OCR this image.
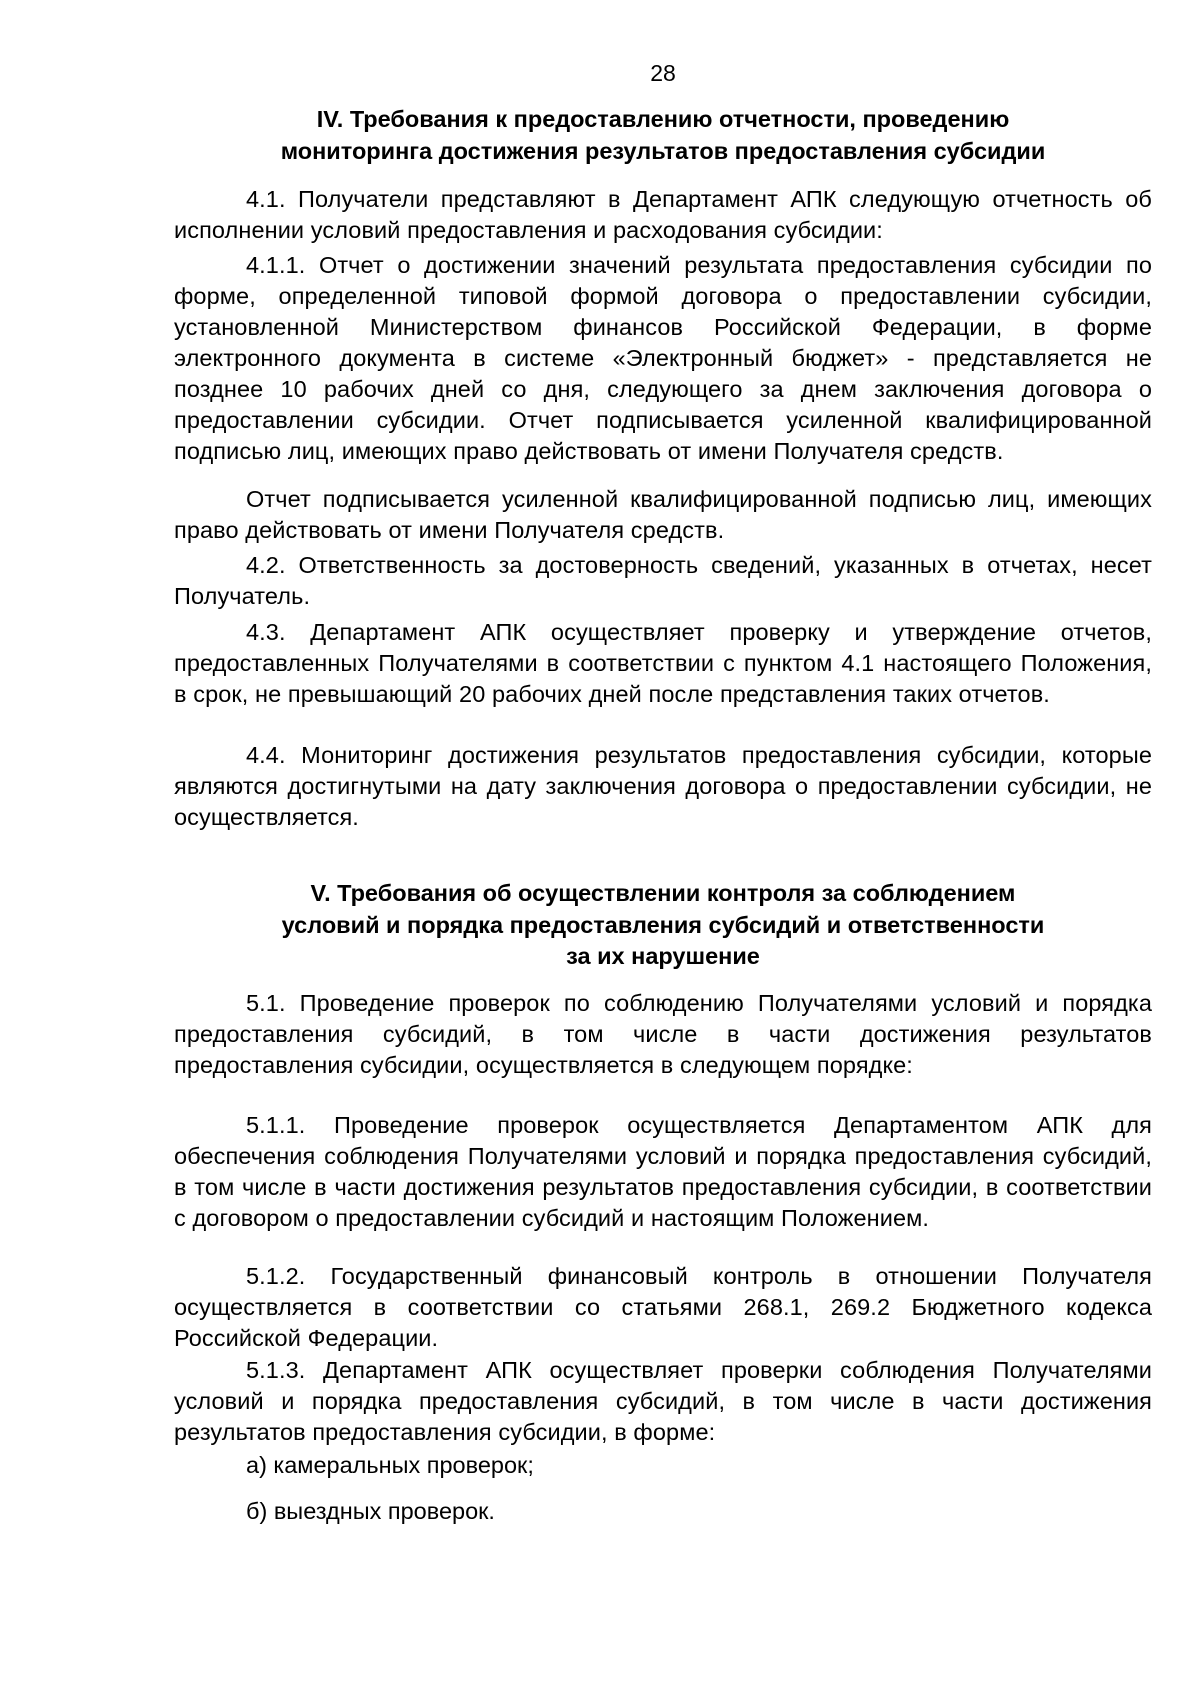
28
IV. Требования к предоставлению отчетности, проведению
мониторинга достижения результатов предоставления субсидии

4.1. Получатели представляют в Департамент АПК следующую отчетность об исполнении условий предоставления и расходования субсидии:

4.1.1. Отчет о достижении значений результата предоставления субсидии по форме, определенной типовой формой договора о предоставлении субсидии, установленной Министерством финансов Российской Федерации, в форме электронного документа в системе «Электронный бюджет» - представляется не позднее 10 рабочих дней со дня, следующего за днем заключения договора о предоставлении субсидии. Отчет подписывается усиленной квалифицированной подписью лиц, имеющих право действовать от имени Получателя средств.

Отчет подписывается усиленной квалифицированной подписью лиц, имеющих право действовать от имени Получателя средств.

4.2. Ответственность за достоверность сведений, указанных в отчетах, несет Получатель.

4.3. Департамент АПК осуществляет проверку и утверждение отчетов, предоставленных Получателями в соответствии с пунктом 4.1 настоящего Положения, в срок, не превышающий 20 рабочих дней после представления таких отчетов.

4.4. Мониторинг достижения результатов предоставления субсидии, которые являются достигнутыми на дату заключения договора о предоставлении субсидии, не осуществляется.

V. Требования об осуществлении контроля за соблюдением
условий и порядка предоставления субсидий и ответственности
за их нарушение

5.1. Проведение проверок по соблюдению Получателями условий и порядка предоставления субсидий, в том числе в части достижения результатов предоставления субсидии, осуществляется в следующем порядке:

5.1.1. Проведение проверок осуществляется Департаментом АПК для обеспечения соблюдения Получателями условий и порядка предоставления субсидий, в том числе в части достижения результатов предоставления субсидии, в соответствии с договором о предоставлении субсидий и настоящим Положением.

5.1.2. Государственный финансовый контроль в отношении Получателя осуществляется в соответствии со статьями 268.1, 269.2 Бюджетного кодекса Российской Федерации.

5.1.3. Департамент АПК осуществляет проверки соблюдения Получателями условий и порядка предоставления субсидий, в том числе в части достижения результатов предоставления субсидии, в форме:

а) камеральных проверок;
б) выездных проверок.
